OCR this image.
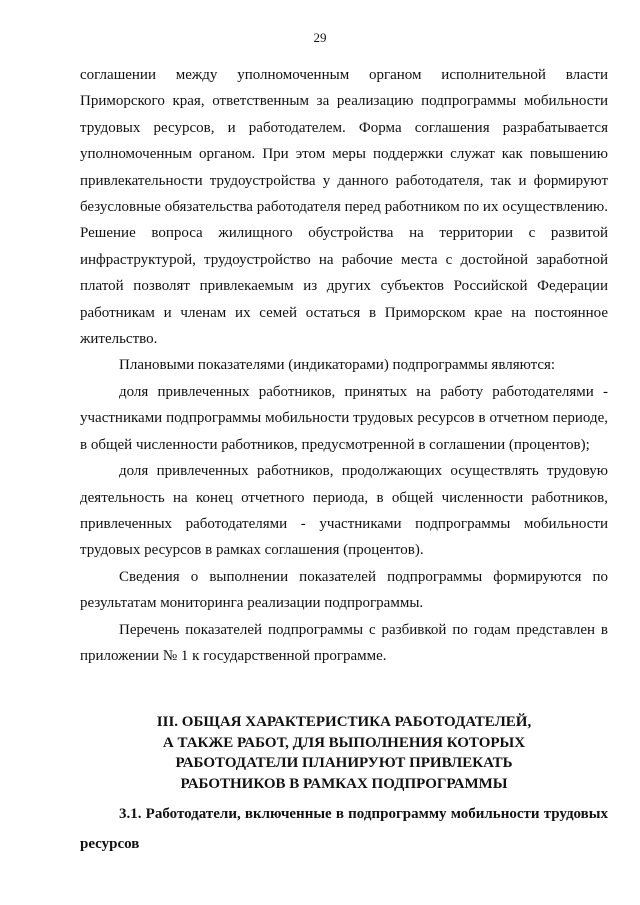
29

соглашении между уполномоченным органом исполнительной власти Приморского края, ответственным за реализацию подпрограммы мобильности трудовых ресурсов, и работодателем. Форма соглашения разрабатывается уполномоченным органом. При этом меры поддержки служат как повышению привлекательности трудоустройства у данного работодателя, так и формируют безусловные обязательства работодателя перед работником по их осуществлению. Решение вопроса жилищного обустройства на территории с развитой инфраструктурой, трудоустройство на рабочие места с достойной заработной платой позволят привлекаемым из других субъектов Российской Федерации работникам и членам их семей остаться в Приморском крае на постоянное жительство.

Плановыми показателями (индикаторами) подпрограммы являются:

доля привлеченных работников, принятых на работу работодателями - участниками подпрограммы мобильности трудовых ресурсов в отчетном периоде, в общей численности работников, предусмотренной в соглашении (процентов);

доля привлеченных работников, продолжающих осуществлять трудовую деятельность на конец отчетного периода, в общей численности работников, привлеченных работодателями - участниками подпрограммы мобильности трудовых ресурсов в рамках соглашения (процентов).

Сведения о выполнении показателей подпрограммы формируются по результатам мониторинга реализации подпрограммы.

Перечень показателей подпрограммы с разбивкой по годам представлен в приложении № 1 к государственной программе.

III. ОБЩАЯ ХАРАКТЕРИСТИКА РАБОТОДАТЕЛЕЙ,
А ТАКЖЕ РАБОТ, ДЛЯ ВЫПОЛНЕНИЯ КОТОРЫХ
РАБОТОДАТЕЛИ ПЛАНИРУЮТ ПРИВЛЕКАТЬ
РАБОТНИКОВ В РАМКАХ ПОДПРОГРАММЫ

3.1. Работодатели, включенные в подпрограмму мобильности трудовых ресурсов
